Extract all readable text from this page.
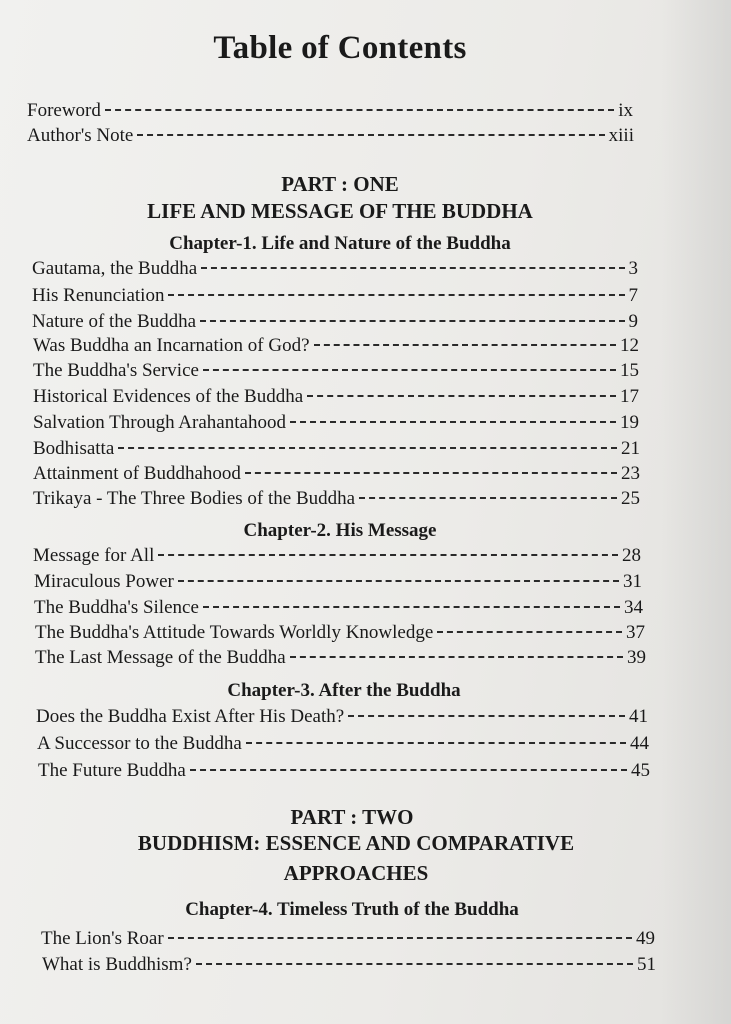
Table of Contents
Foreword	ix
Author's Note	xiii
PART : ONE
LIFE AND MESSAGE OF THE BUDDHA
Chapter-1. Life and Nature of the Buddha
Gautama, the Buddha	3
His Renunciation	7
Nature of the Buddha	9
Was Buddha an Incarnation of God?	12
The Buddha's Service	15
Historical Evidences of the Buddha	17
Salvation Through Arahantahood	19
Bodhisatta	21
Attainment of Buddhahood	23
Trikaya - The Three Bodies of the Buddha	25
Chapter-2. His Message
Message for All	28
Miraculous Power	31
The Buddha's Silence	34
The Buddha's Attitude Towards Worldly Knowledge	37
The Last Message of the Buddha	39
Chapter-3. After the Buddha
Does the Buddha Exist After His Death?	41
A Successor to the Buddha	44
The Future Buddha	45
PART : TWO
BUDDHISM: ESSENCE AND COMPARATIVE
APPROACHES
Chapter-4. Timeless Truth of the Buddha
The Lion's Roar	49
What is Buddhism?	51
